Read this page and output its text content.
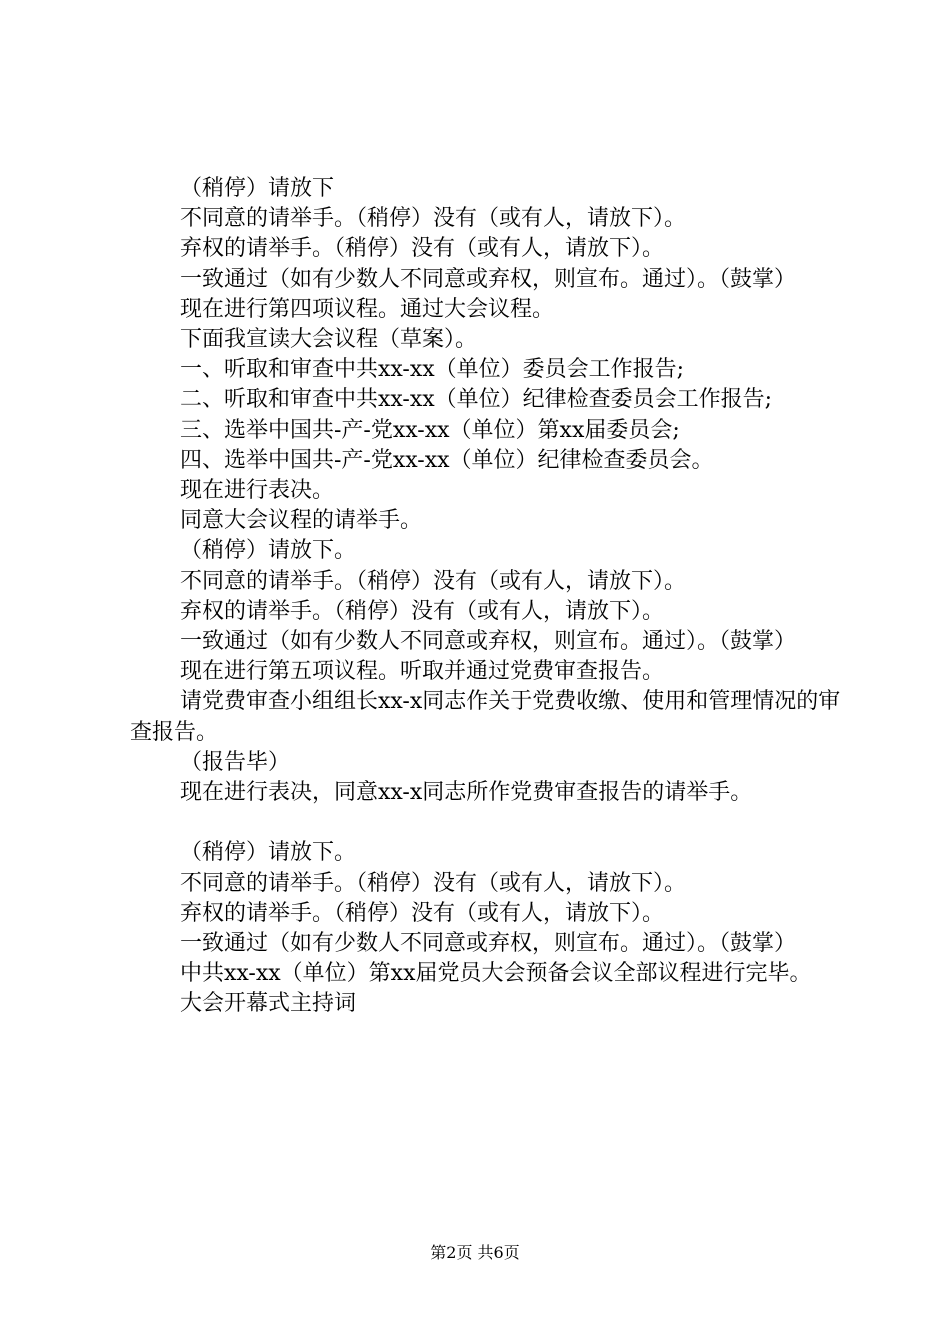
（稍停）请放下

不同意的请举手。（稍停）没有（或有人，请放下）。

弃权的请举手。（稍停）没有（或有人，请放下）。

一致通过（如有少数人不同意或弃权，则宣布。通过）。（鼓掌）

现在进行第四项议程。通过大会议程。

下面我宣读大会议程（草案）。

一、听取和审查中共xx-xx（单位）委员会工作报告;

二、听取和审查中共xx-xx（单位）纪律检查委员会工作报告;

三、选举中国共-产-党xx-xx（单位）第xx届委员会;

四、选举中国共-产-党xx-xx（单位）纪律检查委员会。

现在进行表决。

同意大会议程的请举手。

（稍停）请放下。

不同意的请举手。（稍停）没有（或有人，请放下）。

弃权的请举手。（稍停）没有（或有人，请放下）。

一致通过（如有少数人不同意或弃权，则宣布。通过）。（鼓掌）

现在进行第五项议程。听取并通过党费审查报告。

请党费审查小组组长xx-x同志作关于党费收缴、使用和管理情况的审查报告。

（报告毕）

现在进行表决，同意xx-x同志所作党费审查报告的请举手。

（稍停）请放下。

不同意的请举手。（稍停）没有（或有人，请放下）。

弃权的请举手。（稍停）没有（或有人，请放下）。

一致通过（如有少数人不同意或弃权，则宣布。通过）。（鼓掌）

中共xx-xx（单位）第xx届党员大会预备会议全部议程进行完毕。

大会开幕式主持词

第2页 共6页
